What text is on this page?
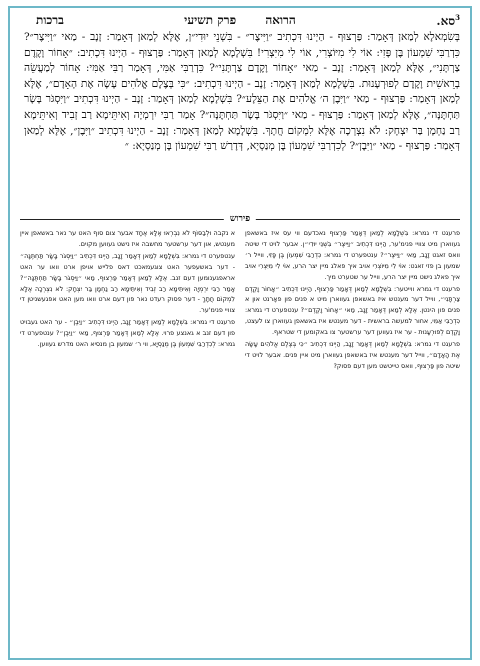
$^3$סא.
הרואה       פרק תשיעי
ברכות
בְּשִׂמְאלָא לְמַאן דְּאָמַר: פַּרְצוּף - הַיְינוּ דִּכְתִיב ״וַיִּיצֶר״ - בִּשְׁנֵי יוּדִי״ן, אֶלָּא לְמַאן דְּאָמַר: זָנָב - מַאי ״וַיִּיצֶר״? כִּדְרַבִּי שִׁמְעוֹן בֶּן פָּזִי: אוֹי לִי מִיּוֹצְרִי, אוֹי לִי מִיִּצְרִי! בִּשְׁלָמָא לְמַאן דְּאָמַר: פַּרְצוּף - הַיְינוּ דִּכְתִיב: ״אָחוֹר וָקֶדֶם צַרְתָּנִי״, אֶלָּא לְמַאן דְּאָמַר: זָנָב - מַאי ״אָחוֹר וָקֶדֶם צַרְתָּנִי״? כִּדְרַבִּי אַמִּי, דְּאָמַר רַבִּי אַמִּי: אָחוֹר לְמַעֲשֵׂה בְרֵאשִׁית וָקֶדֶם לְפוּרְעָנוּת. בִּשְׁלָמָא לְמַאן דְּאָמַר: זָנָב - הַיְינוּ דִּכְתִיב: ״כִּי בְּצֶלֶם אֱלֹהִים עָשָׂה אֶת הָאָדָם״, אֶלָּא לְמַאן דְּאָמַר: פַּרְצוּף - מַאי ״וַיִּבֶן ה׳ אֱלֹהִים אֶת הַצֵּלָע״? בִּשְׁלָמָא לְמַאן דְּאָמַר: זָנָב - הַיְינוּ דִּכְתִיב ״וַיִּסְגֹּר בָּשָׂר תַּחְתֶּנָּה״, אֶלָּא לְמַאן דְּאָמַר: פַּרְצוּף - מַאי ״וַיִּסְגֹּר בָּשָׂר תַּחְתֶּנָּה״? אָמַר רַבִּי יִרְמְיָה וְאִיתֵּימָא רַב זְבִיד וְאִיתֵּימָא רַב נַחְמָן בַּר יִצְחָק: לֹא נִצְרְכָה אֶלָּא לִמְקוֹם חֲתָךְ. בִּשְׁלָמָא לְמַאן דְּאָמַר: זָנָב - הַיְינוּ דִּכְתִיב ״וַיִּבֶן״, אֶלָּא לְמַאן דְּאָמַר: פַּרְצוּף - מַאי ״וַיִּבֶן״? לְכִדְרַבִּי שִׁמְעוֹן בֶּן מְנַסְיָא, דְּדָרַשׁ רַבִּי שִׁמְעוֹן בֶּן מְנַסְיָא: ״
פירוש

פרעגט די גמרא: בִּשְׁלָמָא לְמַאן דְּאָמַר פַּרְצוּף נאכדעם ווי עס איז באשאפן געווארן מיט צוויי פנימ'ער, הַיְינוּ דִּכְתִיב ״וַיִּיצֶר״ בִּשְׁנֵי יוּדִי״ן. אבער לויט די שיטה וואס זאגט זָנָב, מַאי ״וַיִּיצֶר״? ענטפערט די גמרא: כִּדְרַבִּי שִׁמְעוֹן בֶּן פָּזִי, ווייל ר׳ שמעון בן פזי זאגט: אוֹי לִי מִיּוֹצְרִי אויב איך פאלג מיין יצר הרע, אוֹי לִי מִיִּצְרִי אויב איך פאלג נישט מיין יצר הרע, ווייל ער שטערט מיך.

פרעגט די גמרא ווייטער: בִּשְׁלָמָא לְמַאן דְּאָמַר פַּרְצוּף, הַיְינוּ דִּכְתִיב ״אָחוֹר וָקֶדֶם צַרְתָּנִי״, ווייל דער מענטש איז באשאפן געווארן מיט א פנים פון פאָרנט און א פנים פון הינטן. אֶלָּא לְמַאן דְּאָמַר זָנָב, מַאי ״אָחוֹר וָקֶדֶם״? ענטפערט די גמרא: כִּדְרַבִּי אַמִּי, אחור למעשה בראשית - דער מענטש איז באשאפן געווארן צו לעצט, וָקֶדֶם לְפוּרְעָנוּת - ער איז געווען דער ערשטער צו באקומען די שטראף.

פרעגט די גמרא: בִּשְׁלָמָא לְמַאן דְּאָמַר זָנָב, הַיְינוּ דִּכְתִיב ״כִּי בְּצֶלֶם אֱלֹהִים עָשָׂה אֶת הָאָדָם״, ווייל דער מענטש איז באשאפן געווארן מיט איין פנים. אבער לויט די שיטה פון פַּרְצוּף, וואס טייטשט מען דעם פסוק?

א נקבה וּלְבַסּוֹף לֹא נִבְרְאוּ אֶלָּא אֶחָד אבער צום סוף האט ער נאר באשאפן איין מענטש, און דער ערשטער מחשבה איז נישט געווען מקוים.

ענטפערט די גמרא: בִּשְׁלָמָא לְמַאן דְּאָמַר זָנָב, הַיְינוּ דִּכְתִיב ״וַיִּסְגֹּר בָּשָׂר תַּחְתֶּנָּה״ - דער באשעפער האט צוגעמאכט דאס פלייש אויפן ארט וואו ער האט אראפגענומען דעם זנב. אֶלָּא לְמַאן דְּאָמַר פַּרְצוּף, מַאי ״וַיִּסְגֹּר בָּשָׂר תַּחְתֶּנָּה״? אָמַר רַבִּי יִרְמְיָה וְאִיתֵּימָא רַב זְבִיד וְאִיתֵּימָא רַב נַחְמָן בַּר יִצְחָק: לֹא נִצְרְכָה אֶלָּא לִמְקוֹם חֲתָךְ - דער פסוק רעדט נאר פון דעם ארט וואו מען האט אפגעשניטן די צוויי פנימ'ער.

פרעגט די גמרא: בִּשְׁלָמָא לְמַאן דְּאָמַר זָנָב, הַיְינוּ דִּכְתִיב ״וַיִּבֶן״ - ער האט געבויט פון דעם זנב א גאנצע פרוי. אֶלָּא לְמַאן דְּאָמַר פַּרְצוּף, מַאי ״וַיִּבֶן״? ענטפערט די גמרא: לְכִדְרַבִּי שִׁמְעוֹן בֶּן מְנַסְיָא, ווי ר׳ שמעון בן מנסיא האט מדרש געווען.
